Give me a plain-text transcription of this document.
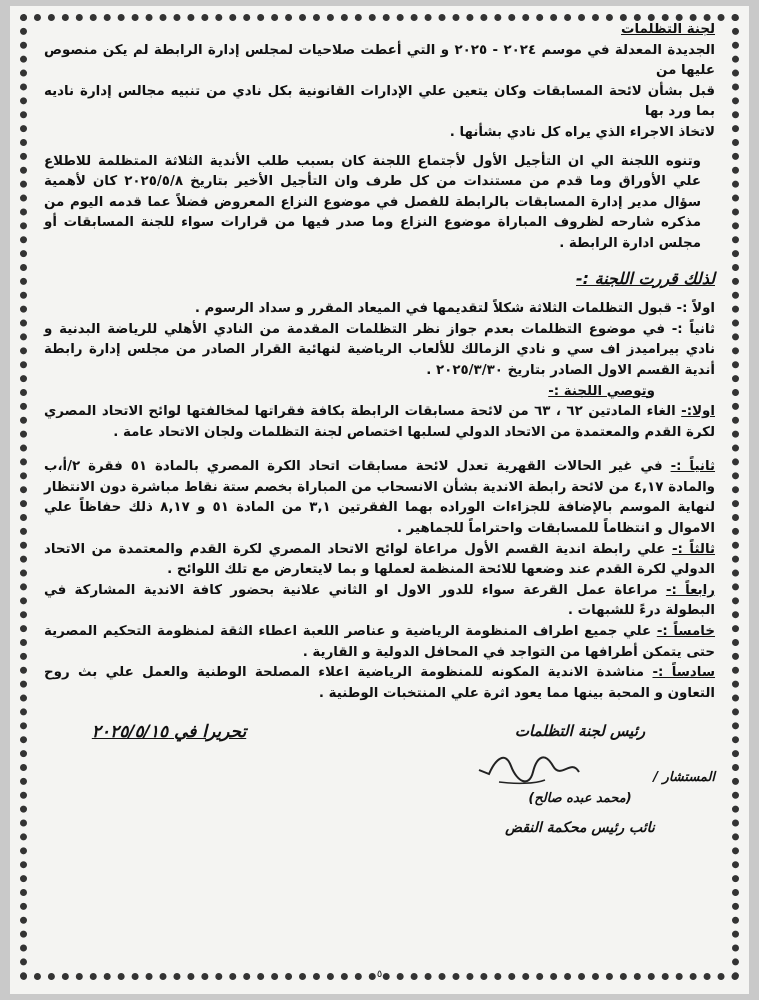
لجنة التظلمات

الجديدة المعدلة في موسم ٢٠٢٤ - ٢٠٢٥ و التي أعطت صلاحيات لمجلس إدارة الرابطة لم يكن منصوص عليها من

قبل بشأن لائحة المسابقات وكان يتعين علي الإدارات القانونية بكل نادي من تنبيه مجالس إدارة ناديه بما ورد بها

لاتخاذ الاجراء الذي يراه كل نادي بشأنها .

وتنوه اللجنة الي ان التأجيل الأول لأجتماع اللجنة كان بسبب طلب الأندية الثلاثة المتظلمة للاطلاع علي الأوراق وما قدم من مستندات من كل طرف وان التأجيل الأخير بتاريخ ٢٠٢٥/٥/٨ كان لأهمية سؤال مدير إدارة المسابقات بالرابطة للفصل في موضوع النزاع المعروض فضلاً عما قدمه اليوم من مذكره شارحه لظروف المباراة موضوع النزاع وما صدر فيها من قرارات سواء للجنة المسابقات أو مجلس ادارة الرابطة .

لذلك قررت اللجنة :-

اولاً :- قبول التظلمات الثلاثة شكلاً لتقديمها في الميعاد المقرر و سداد الرسوم .

ثانياً :- في موضوع التظلمات بعدم جواز نظر التظلمات المقدمة من النادي الأهلي للرياضة البدنية و نادي بيراميدز اف سي و نادي الزمالك للألعاب الرياضية لنهائية القرار الصادر من مجلس إدارة رابطة أندية القسم الاول الصادر بتاريخ ٢٠٢٥/٣/٣٠ .

وتوصي اللجنة :-

اولا:- الغاء المادتين ٦٢ ، ٦٣ من لائحة مسابقات الرابطة بكافة فقراتها لمخالفتها لوائح الاتحاد المصري لكرة القدم والمعتمدة من الاتحاد الدولي لسلبها اختصاص لجنة التظلمات ولجان الاتحاد عامة .

ثانياً :- في غير الحالات القهرية تعدل لائحة مسابقات اتحاد الكرة المصري بالمادة ٥١ فقرة ٢/أ،ب والمادة ٤,١٧ من لائحة رابطة الاندية بشأن الانسحاب من المباراة بخصم ستة نقاط مباشرة دون الانتظار لنهاية الموسم بالإضافة للجزاءات الوراده بهما الفقرتين ٣,١ من المادة ٥١ و ٨,١٧ ذلك حفاظاً علي الاموال و انتظاماً للمسابقات واحتراماً للجماهير .

ثالثاً :- علي رابطة اندية القسم الأول مراعاة لوائح الاتحاد المصري لكرة القدم والمعتمدة من الاتحاد الدولي لكرة القدم عند وضعها للائحة المنظمة لعملها و بما لايتعارض مع تلك اللوائح .

رابعاً :- مراعاة عمل القرعة سواء للدور الاول او الثاني علانية بحضور كافة الاندية المشاركة في البطولة درءً للشبهات .

خامساً :- علي جميع اطراف المنظومة الرياضية و عناصر اللعبة اعطاء الثقة لمنظومة التحكيم المصرية حتى يتمكن أطرافها من التواجد في المحافل الدولية و القارية .

سادساً :- مناشدة الاندية المكونه للمنظومة الرياضية اعلاء المصلحة الوطنية والعمل علي بث روح التعاون و المحبة بينها مما يعود اثرة علي المنتخبات الوطنية .

رئيس لجنة التظلمات
المستشار /
(محمد عبده صالح)
نائب رئيس محكمة النقض
تحريرا في ٢٠٢٥/٥/١٥
٥
